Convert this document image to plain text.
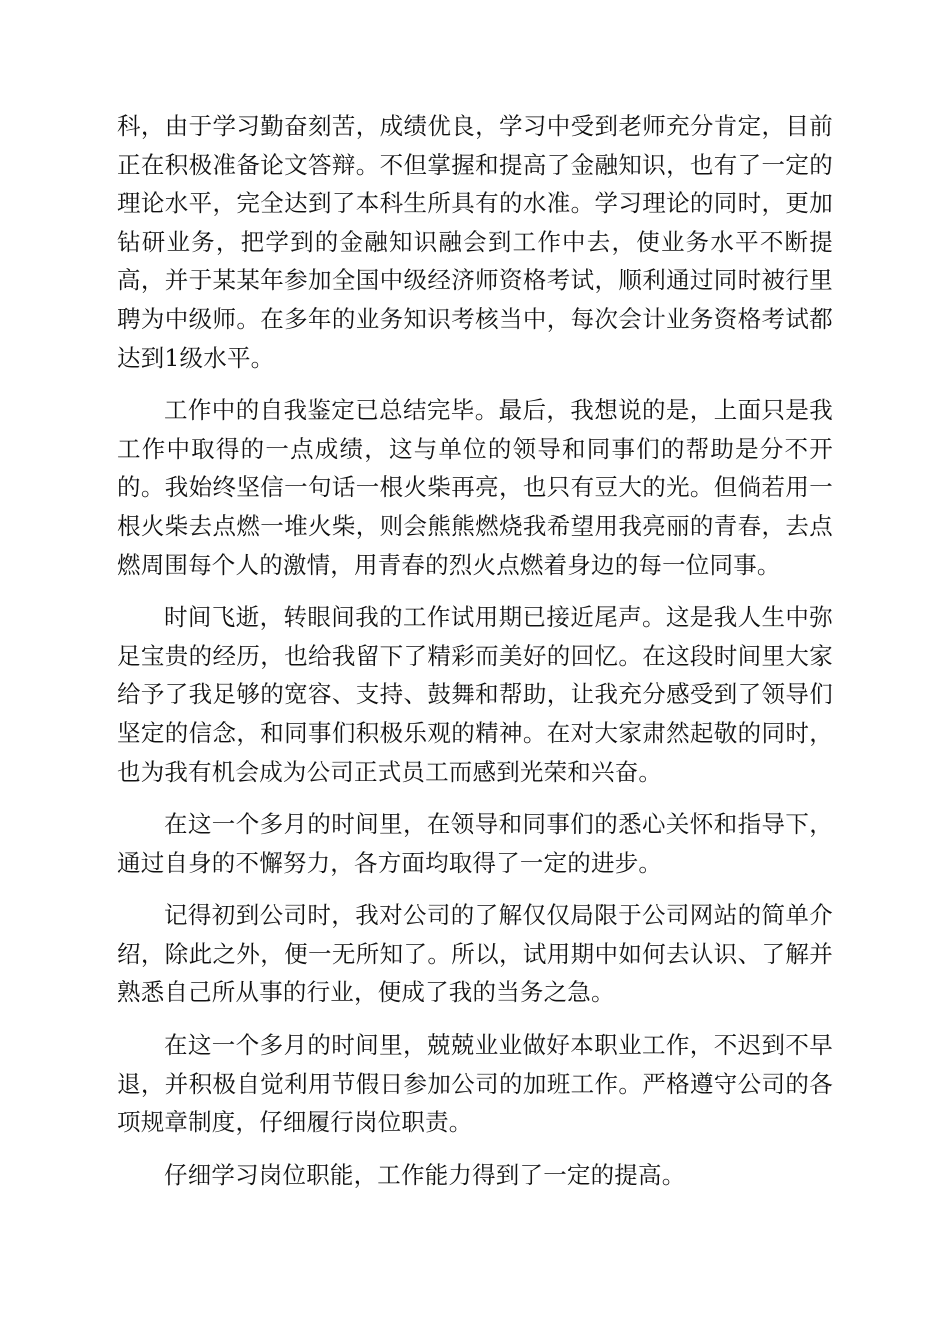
科，由于学习勤奋刻苦，成绩优良，学习中受到老师充分肯定，目前正在积极准备论文答辩。不但掌握和提高了金融知识，也有了一定的理论水平，完全达到了本科生所具有的水准。学习理论的同时，更加钻研业务，把学到的金融知识融会到工作中去，使业务水平不断提高，并于某某年参加全国中级经济师资格考试，顺利通过同时被行里聘为中级师。在多年的业务知识考核当中，每次会计业务资格考试都达到1级水平。

工作中的自我鉴定已总结完毕。最后，我想说的是，上面只是我工作中取得的一点成绩，这与单位的领导和同事们的帮助是分不开的。我始终坚信一句话一根火柴再亮，也只有豆大的光。但倘若用一根火柴去点燃一堆火柴，则会熊熊燃烧我希望用我亮丽的青春，去点燃周围每个人的激情，用青春的烈火点燃着身边的每一位同事。

时间飞逝，转眼间我的工作试用期已接近尾声。这是我人生中弥足宝贵的经历，也给我留下了精彩而美好的回忆。在这段时间里大家给予了我足够的宽容、支持、鼓舞和帮助，让我充分感受到了领导们坚定的信念，和同事们积极乐观的精神。在对大家肃然起敬的同时，也为我有机会成为公司正式员工而感到光荣和兴奋。

在这一个多月的时间里，在领导和同事们的悉心关怀和指导下，通过自身的不懈努力，各方面均取得了一定的进步。

记得初到公司时，我对公司的了解仅仅局限于公司网站的简单介绍，除此之外，便一无所知了。所以，试用期中如何去认识、了解并熟悉自己所从事的行业，便成了我的当务之急。

在这一个多月的时间里，兢兢业业做好本职业工作，不迟到不早退，并积极自觉利用节假日参加公司的加班工作。严格遵守公司的各项规章制度，仔细履行岗位职责。

仔细学习岗位职能，工作能力得到了一定的提高。
